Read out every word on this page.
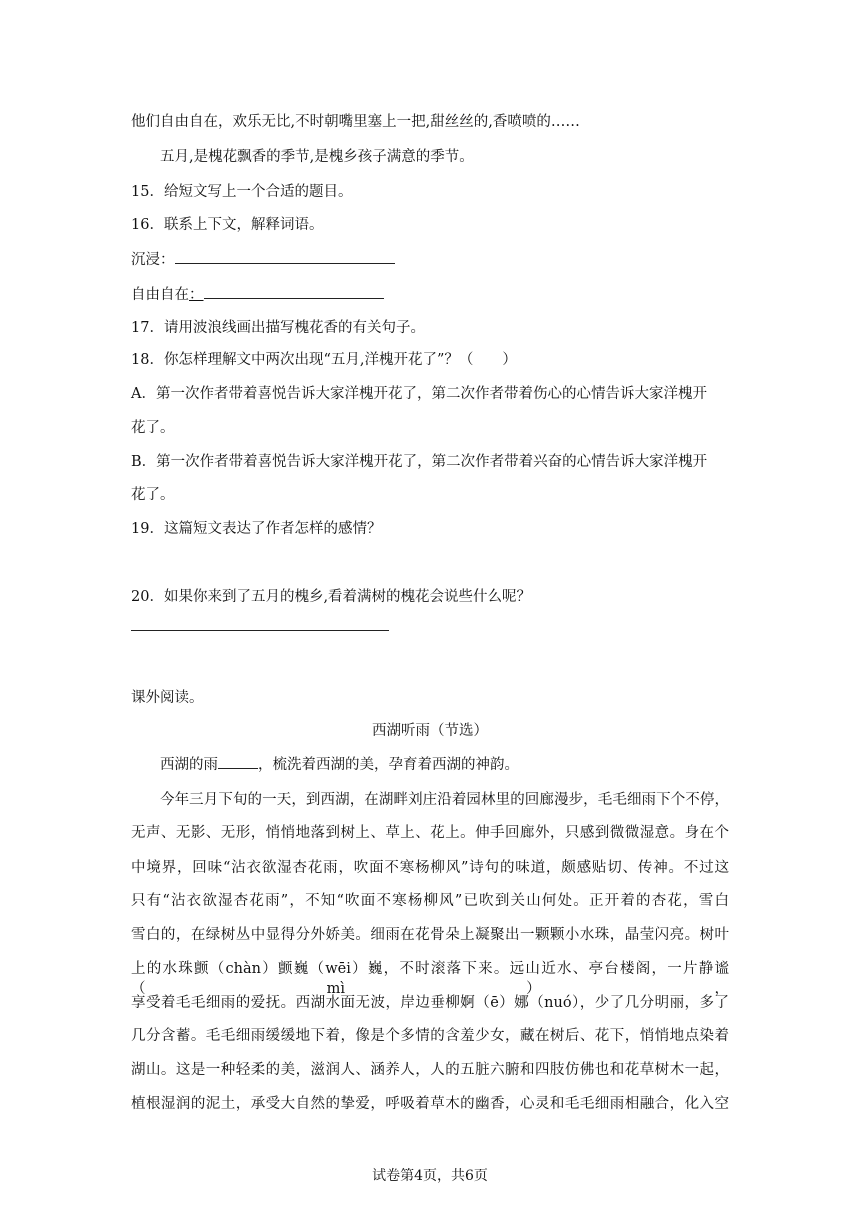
他们自由自在，欢乐无比,不时朝嘴里塞上一把,甜丝丝的,香喷喷的……
五月,是槐花飘香的季节,是槐乡孩子满意的季节。
15．给短文写上一个合适的题目。
16．联系上下文，解释词语。
沉浸：
自由自在：
17．请用波浪线画出描写槐花香的有关句子。
18．你怎样理解文中两次出现“五月,洋槐开花了”？（　　）
A．第一次作者带着喜悦告诉大家洋槐开花了，第二次作者带着伤心的心情告诉大家洋槐开
花了。
B．第一次作者带着喜悦告诉大家洋槐开花了，第二次作者带着兴奋的心情告诉大家洋槐开
花了。
19．这篇短文表达了作者怎样的感情？
20．如果你来到了五月的槐乡,看着满树的槐花会说些什么呢？
课外阅读。
西湖听雨（节选）
西湖的雨	，梳洗着西湖的美，孕育着西湖的神韵。
今年三月下旬的一天，到西湖，在湖畔刘庄沿着园林里的回廊漫步，毛毛细雨下个不停，
无声、无影、无形，悄悄地落到树上、草上、花上。伸手回廊外，只感到微微湿意。身在个
中境界，回味“沾衣欲湿杏花雨，吹面不寒杨柳风”诗句的味道，颇感贴切、传神。不过这
只有“沾衣欲湿杏花雨”，不知“吹面不寒杨柳风”已吹到关山何处。正开着的杏花，雪白
雪白的，在绿树丛中显得分外娇美。细雨在花骨朵上凝聚出一颗颗小水珠，晶莹闪亮。树叶
上的水珠颤（chàn）颤巍（wēi）巍，不时滚落下来。远山近水、亭台楼阁，一片静谧（mì），
享受着毛毛细雨的爱抚。西湖水面无波，岸边垂柳婀（ē）娜（nuó），少了几分明丽，多了
几分含蓄。毛毛细雨缓缓地下着，像是个多情的含羞少女，藏在树后、花下，悄悄地点染着
湖山。这是一种轻柔的美，滋润人、涵养人，人的五脏六腑和四肢仿佛也和花草树木一起，
植根湿润的泥土，承受大自然的挚爱，呼吸着草木的幽香，心灵和毛毛细雨相融合，化入空
试卷第4页，共6页
